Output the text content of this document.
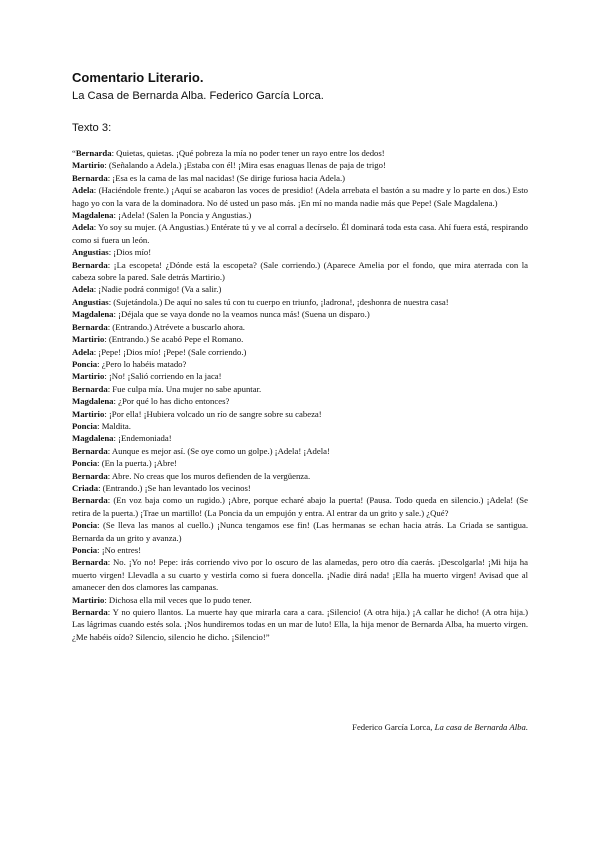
Comentario Literario.
La Casa de Bernarda Alba. Federico García Lorca.
Texto 3:

“Bernarda: Quietas, quietas. ¡Qué pobreza la mía no poder tener un rayo entre los dedos!

Martirio: (Señalando a Adela.) ¡Estaba con él! ¡Mira esas enaguas llenas de paja de trigo!

Bernarda: ¡Esa es la cama de las mal nacidas! (Se dirige furiosa hacia Adela.)

Adela: (Haciéndole frente.) ¡Aquí se acabaron las voces de presidio! (Adela arrebata el bastón a su madre y lo parte en dos.) Esto hago yo con la vara de la dominadora. No dé usted un paso más. ¡En mí no manda nadie más que Pepe! (Sale Magdalena.)

Magdalena: ¡Adela! (Salen la Poncia y Angustias.)

Adela: Yo soy su mujer. (A Angustias.) Entérate tú y ve al corral a decírselo. Él dominará toda esta casa. Ahí fuera está, respirando como si fuera un león.

Angustias: ¡Dios mío!

Bernarda: ¡La escopeta! ¿Dónde está la escopeta? (Sale corriendo.) (Aparece Amelia por el fondo, que mira aterrada con la cabeza sobre la pared. Sale detrás Martirio.)

Adela: ¡Nadie podrá conmigo! (Va a salir.)

Angustias: (Sujetándola.) De aquí no sales tú con tu cuerpo en triunfo, ¡ladrona!, ¡deshonra de nuestra casa!

Magdalena: ¡Déjala que se vaya donde no la veamos nunca más! (Suena un disparo.)

Bernarda: (Entrando.) Atrévete a buscarlo ahora.

Martirio: (Entrando.) Se acabó Pepe el Romano.

Adela: ¡Pepe! ¡Dios mío! ¡Pepe! (Sale corriendo.)

Poncia: ¿Pero lo habéis matado?

Martirio: ¡No! ¡Salió corriendo en la jaca!

Bernarda: Fue culpa mía. Una mujer no sabe apuntar.

Magdalena: ¿Por qué lo has dicho entonces?

Martirio: ¡Por ella! ¡Hubiera volcado un río de sangre sobre su cabeza!

Poncia: Maldita.

Magdalena: ¡Endemoniada!

Bernarda: Aunque es mejor así. (Se oye como un golpe.) ¡Adela! ¡Adela!

Poncia: (En la puerta.) ¡Abre!

Bernarda: Abre. No creas que los muros defienden de la vergüenza.

Criada: (Entrando.) ¡Se han levantado los vecinos!

Bernarda: (En voz baja como un rugido.) ¡Abre, porque echaré abajo la puerta! (Pausa. Todo queda en silencio.) ¡Adela! (Se retira de la puerta.) ¡Trae un martillo! (La Poncia da un empujón y entra. Al entrar da un grito y sale.) ¿Qué?

Poncia: (Se lleva las manos al cuello.) ¡Nunca tengamos ese fin! (Las hermanas se echan hacia atrás. La Criada se santigua. Bernarda da un grito y avanza.)

Poncia: ¡No entres!

Bernarda: No. ¡Yo no! Pepe: irás corriendo vivo por lo oscuro de las alamedas, pero otro día caerás. ¡Descolgarla! ¡Mi hija ha muerto virgen! Llevadla a su cuarto y vestirla como si fuera doncella. ¡Nadie dirá nada! ¡Ella ha muerto virgen! Avisad que al amanecer den dos clamores las campanas.

Martirio: Dichosa ella mil veces que lo pudo tener.

Bernarda: Y no quiero llantos. La muerte hay que mirarla cara a cara. ¡Silencio! (A otra hija.) ¡A callar he dicho! (A otra hija.) Las lágrimas cuando estés sola. ¡Nos hundiremos todas en un mar de luto! Ella, la hija menor de Bernarda Alba, ha muerto virgen. ¿Me habéis oído? Silencio, silencio he dicho. ¡Silencio!”

Federico García Lorca, La casa de Bernarda Alba.
